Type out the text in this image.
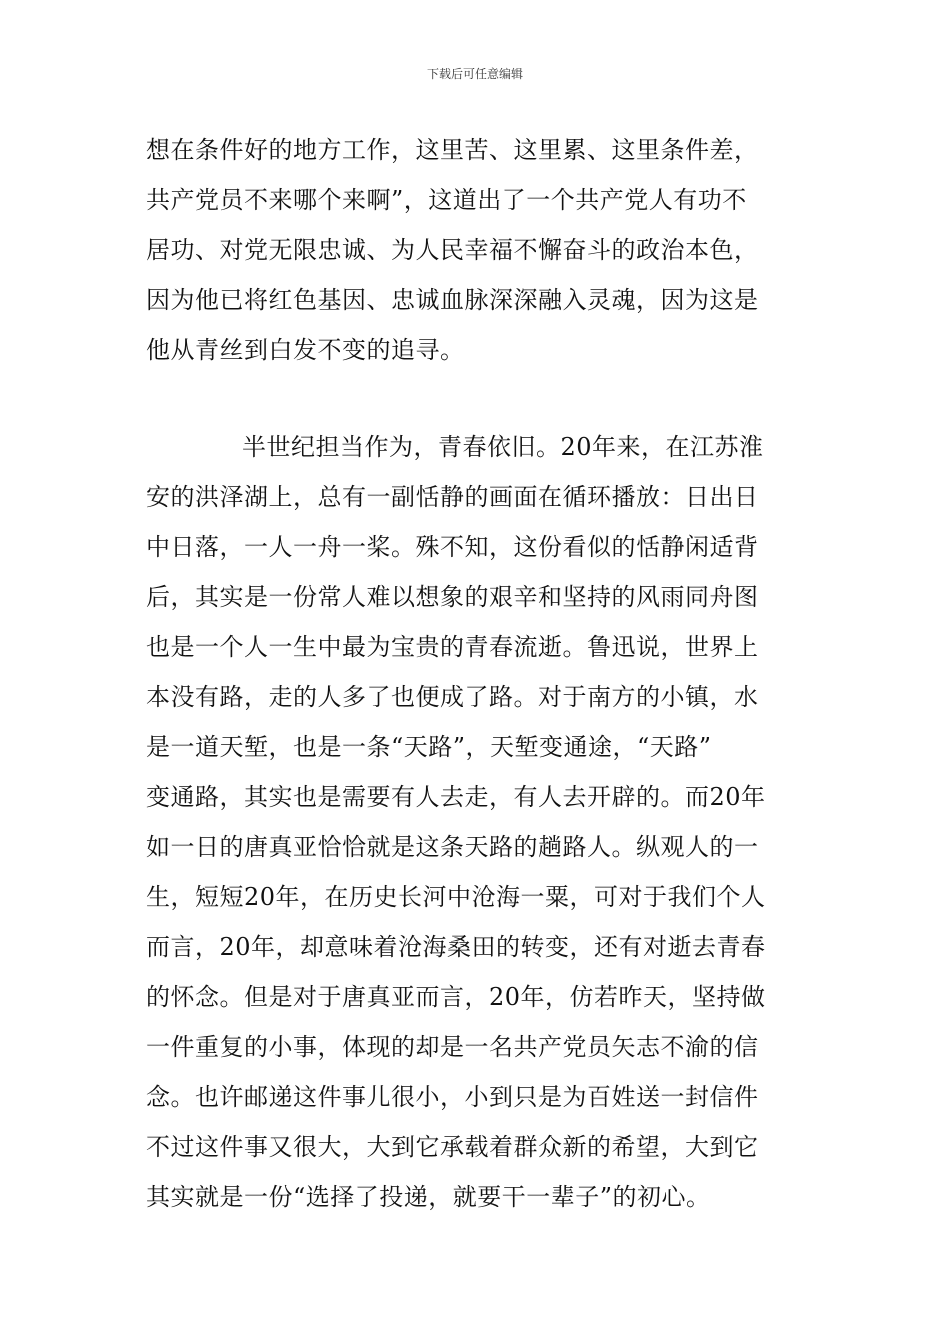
下载后可任意编辑
想在条件好的地方工作，这里苦、这里累、这里条件差，
共产党员不来哪个来啊”，这道出了一个共产党人有功不
居功、对党无限忠诚、为人民幸福不懈奋斗的政治本色，
因为他已将红色基因、忠诚血脉深深融入灵魂，因为这是
他从青丝到白发不变的追寻。
半世纪担当作为，青春依旧。20年来，在江苏淮
安的洪泽湖上，总有一副恬静的画面在循环播放：日出日
中日落，一人一舟一桨。殊不知，这份看似的恬静闲适背
后，其实是一份常人难以想象的艰辛和坚持的风雨同舟图
也是一个人一生中最为宝贵的青春流逝。鲁迅说，世界上
本没有路，走的人多了也便成了路。对于南方的小镇，水
是一道天堑，也是一条“天路”，天堑变通途，“天路”
变通路，其实也是需要有人去走，有人去开辟的。而20年
如一日的唐真亚恰恰就是这条天路的趟路人。纵观人的一
生，短短20年，在历史长河中沧海一粟，可对于我们个人
而言，20年，却意味着沧海桑田的转变，还有对逝去青春
的怀念。但是对于唐真亚而言，20年，仿若昨天，坚持做
一件重复的小事，体现的却是一名共产党员矢志不渝的信
念。也许邮递这件事儿很小，小到只是为百姓送一封信件
不过这件事又很大，大到它承载着群众新的希望，大到它
其实就是一份“选择了投递，就要干一辈子”的初心。
